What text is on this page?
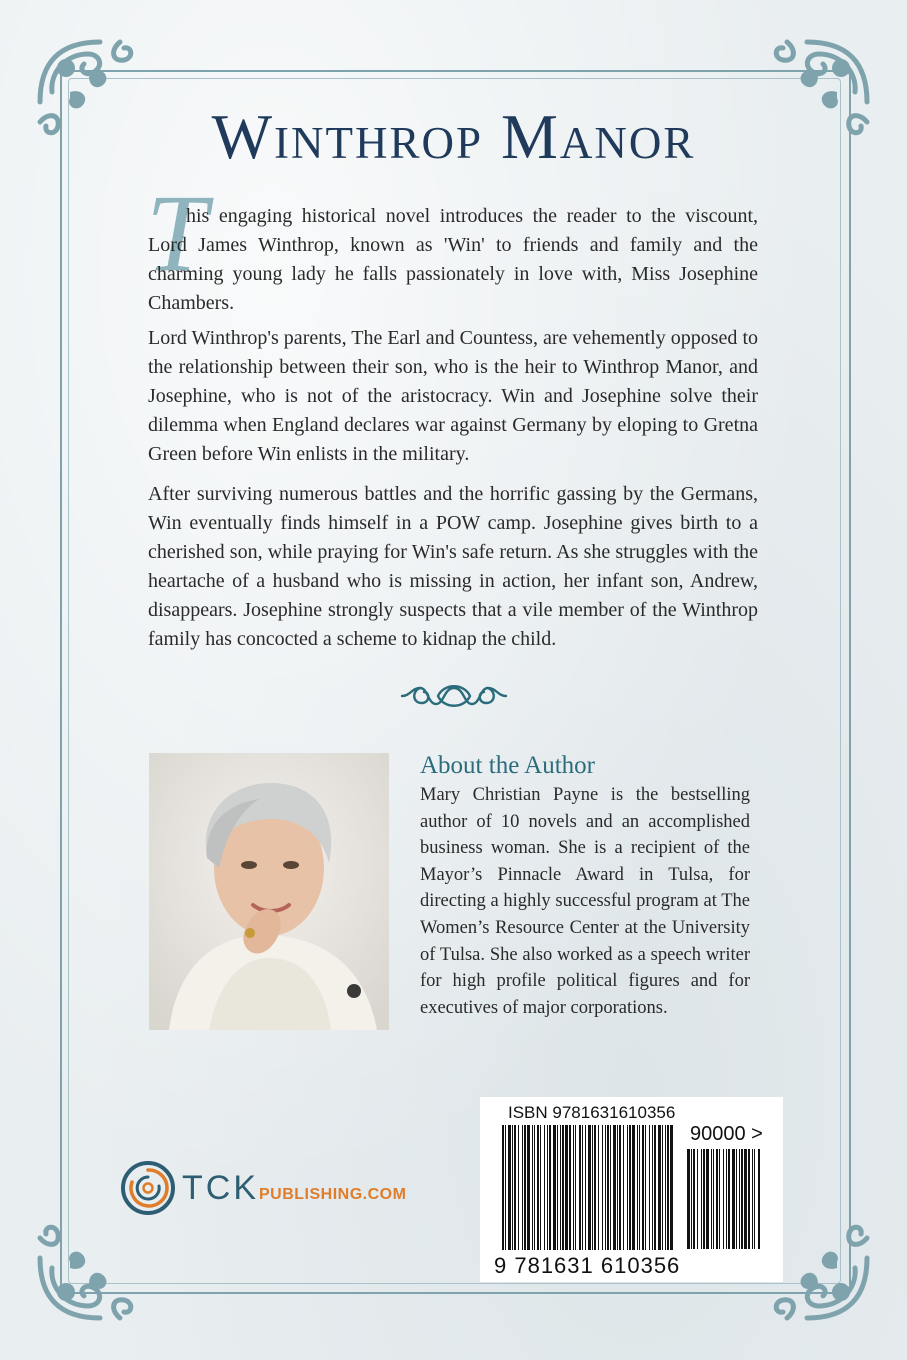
Winthrop Manor
T

his engaging historical novel introduces the reader to the viscount, Lord James Winthrop, known as 'Win' to friends and family and the charming young lady he falls passionately in love with, Miss Josephine Chambers.

Lord Winthrop's parents, The Earl and Countess, are vehemently opposed to the relationship between their son, who is the heir to Winthrop Manor, and Josephine, who is not of the aristocracy. Win and Josephine solve their dilemma when England declares war against Germany by eloping to Gretna Green before Win enlists in the military.

After surviving numerous battles and the horrific gassing by the Germans, Win eventually finds himself in a POW camp. Josephine gives birth to a cherished son, while praying for Win's safe return. As she struggles with the heartache of a husband who is missing in action, her infant son, Andrew, disappears. Josephine strongly suspects that a vile member of the Winthrop family has concocted a scheme to kidnap the child.

About the Author

Mary Christian Payne is the bestselling author of 10 novels and an accomplished business woman. She is a recipient of the Mayor’s Pinnacle Award in Tulsa, for directing a highly successful program at The Women’s Resource Center at the University of Tulsa. She also worked as a speech writer for high profile political figures and for executives of major corporations.

TCKPUBLISHING.COM
ISBN 9781631610356
90000 >
9 781631 610356
